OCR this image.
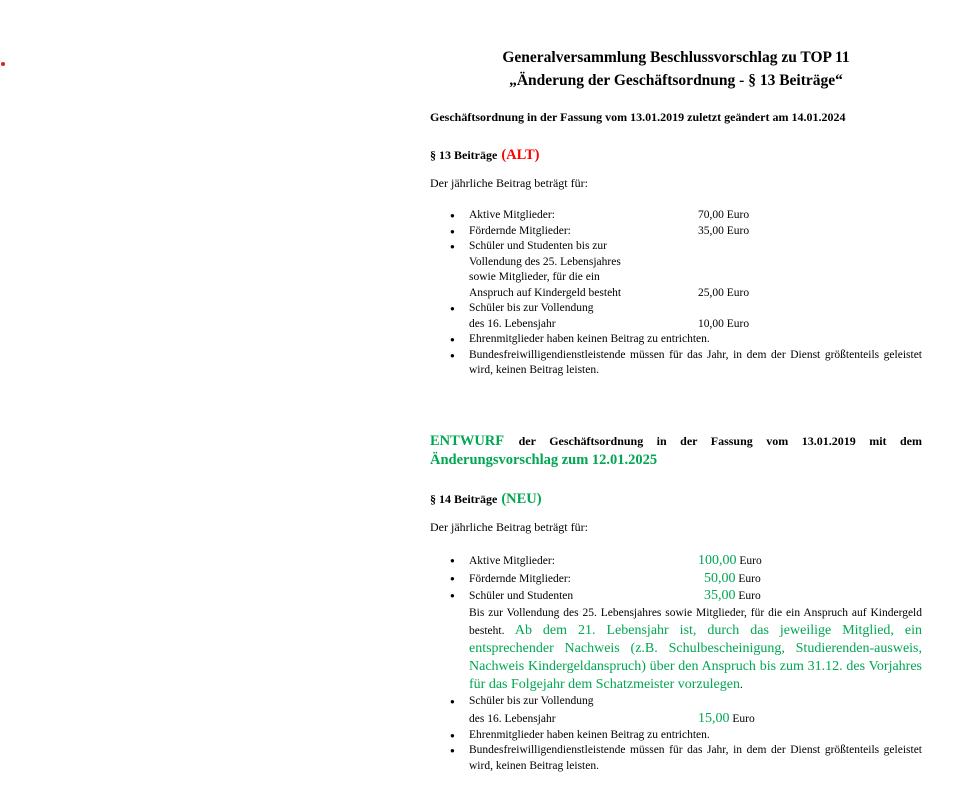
Generalversammlung Beschlussvorschlag zu TOP 11
„Änderung der Geschäftsordnung - § 13 Beiträge“
Geschäftsordnung in der Fassung vom 13.01.2019 zuletzt geändert am 14.01.2024
§ 13 Beiträge (ALT)
Der jährliche Beitrag beträgt für:
● Aktive Mitglieder:	70,00 Euro
● Fördernde Mitglieder:	35,00 Euro
● Schüler und Studenten bis zur
Vollendung des 25. Lebensjahres
sowie Mitglieder, für die ein
Anspruch auf Kindergeld besteht	25,00 Euro
● Schüler bis zur Vollendung
des 16. Lebensjahr	10,00 Euro
● Ehrenmitglieder haben keinen Beitrag zu entrichten.
● Bundesfreiwilligendienstleistende müssen für das Jahr, in dem der Dienst größtenteils geleistet wird, keinen Beitrag leisten.
ENTWURF der Geschäftsordnung in der Fassung vom 13.01.2019 mit dem
Änderungsvorschlag zum 12.01.2025
§ 14 Beiträge (NEU)
Der jährliche Beitrag beträgt für:
● Aktive Mitglieder:	100,00 Euro
● Fördernde Mitglieder:	50,00 Euro
● Schüler und Studenten	35,00 Euro
Bis zur Vollendung des 25. Lebensjahres sowie Mitglieder, für die ein Anspruch auf Kindergeld besteht. Ab dem 21. Lebensjahr ist, durch das jeweilige Mitglied, ein entsprechender Nachweis (z.B. Schulbescheinigung, Studierenden-ausweis, Nachweis Kindergeldanspruch) über den Anspruch bis zum 31.12. des Vorjahres für das Folgejahr dem Schatzmeister vorzulegen.
● Schüler bis zur Vollendung
des 16. Lebensjahr	15,00 Euro
● Ehrenmitglieder haben keinen Beitrag zu entrichten.
● Bundesfreiwilligendienstleistende müssen für das Jahr, in dem der Dienst größtenteils geleistet wird, keinen Beitrag leisten.
